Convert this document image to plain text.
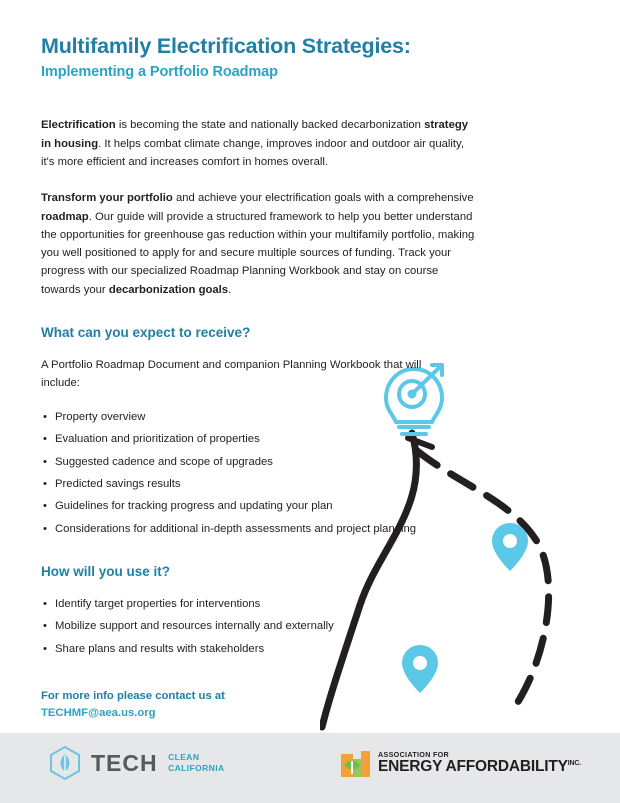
Multifamily Electrification Strategies:
Implementing a Portfolio Roadmap

Electrification is becoming the state and nationally backed decarbonization strategy in housing. It helps combat climate change, improves indoor and outdoor air quality, it's more efficient and increases comfort in homes overall.

Transform your portfolio and achieve your electrification goals with a comprehensive roadmap. Our guide will provide a structured framework to help you better understand the opportunities for greenhouse gas reduction within your multifamily portfolio, making you well positioned to apply for and secure multiple sources of funding. Track your progress with our specialized Roadmap Planning Workbook and stay on course towards your decarbonization goals.

What can you expect to receive?

A Portfolio Roadmap Document and companion Planning Workbook that will include:

• Property overview
• Evaluation and prioritization of properties
• Suggested cadence and scope of upgrades
• Predicted savings results
• Guidelines for tracking progress and updating your plan
• Considerations for additional in-depth assessments and project planning
How will you use it?
• Identify target properties for interventions
• Mobilize support and resources internally and externally
• Share plans and results with stakeholders
For more info please contact us at
TECHMF@aea.us.org
TECH CLEAN
CALIFORNIA
ASSOCIATION FOR
ENERGY $AFFORDABILITY^{INC.}$
